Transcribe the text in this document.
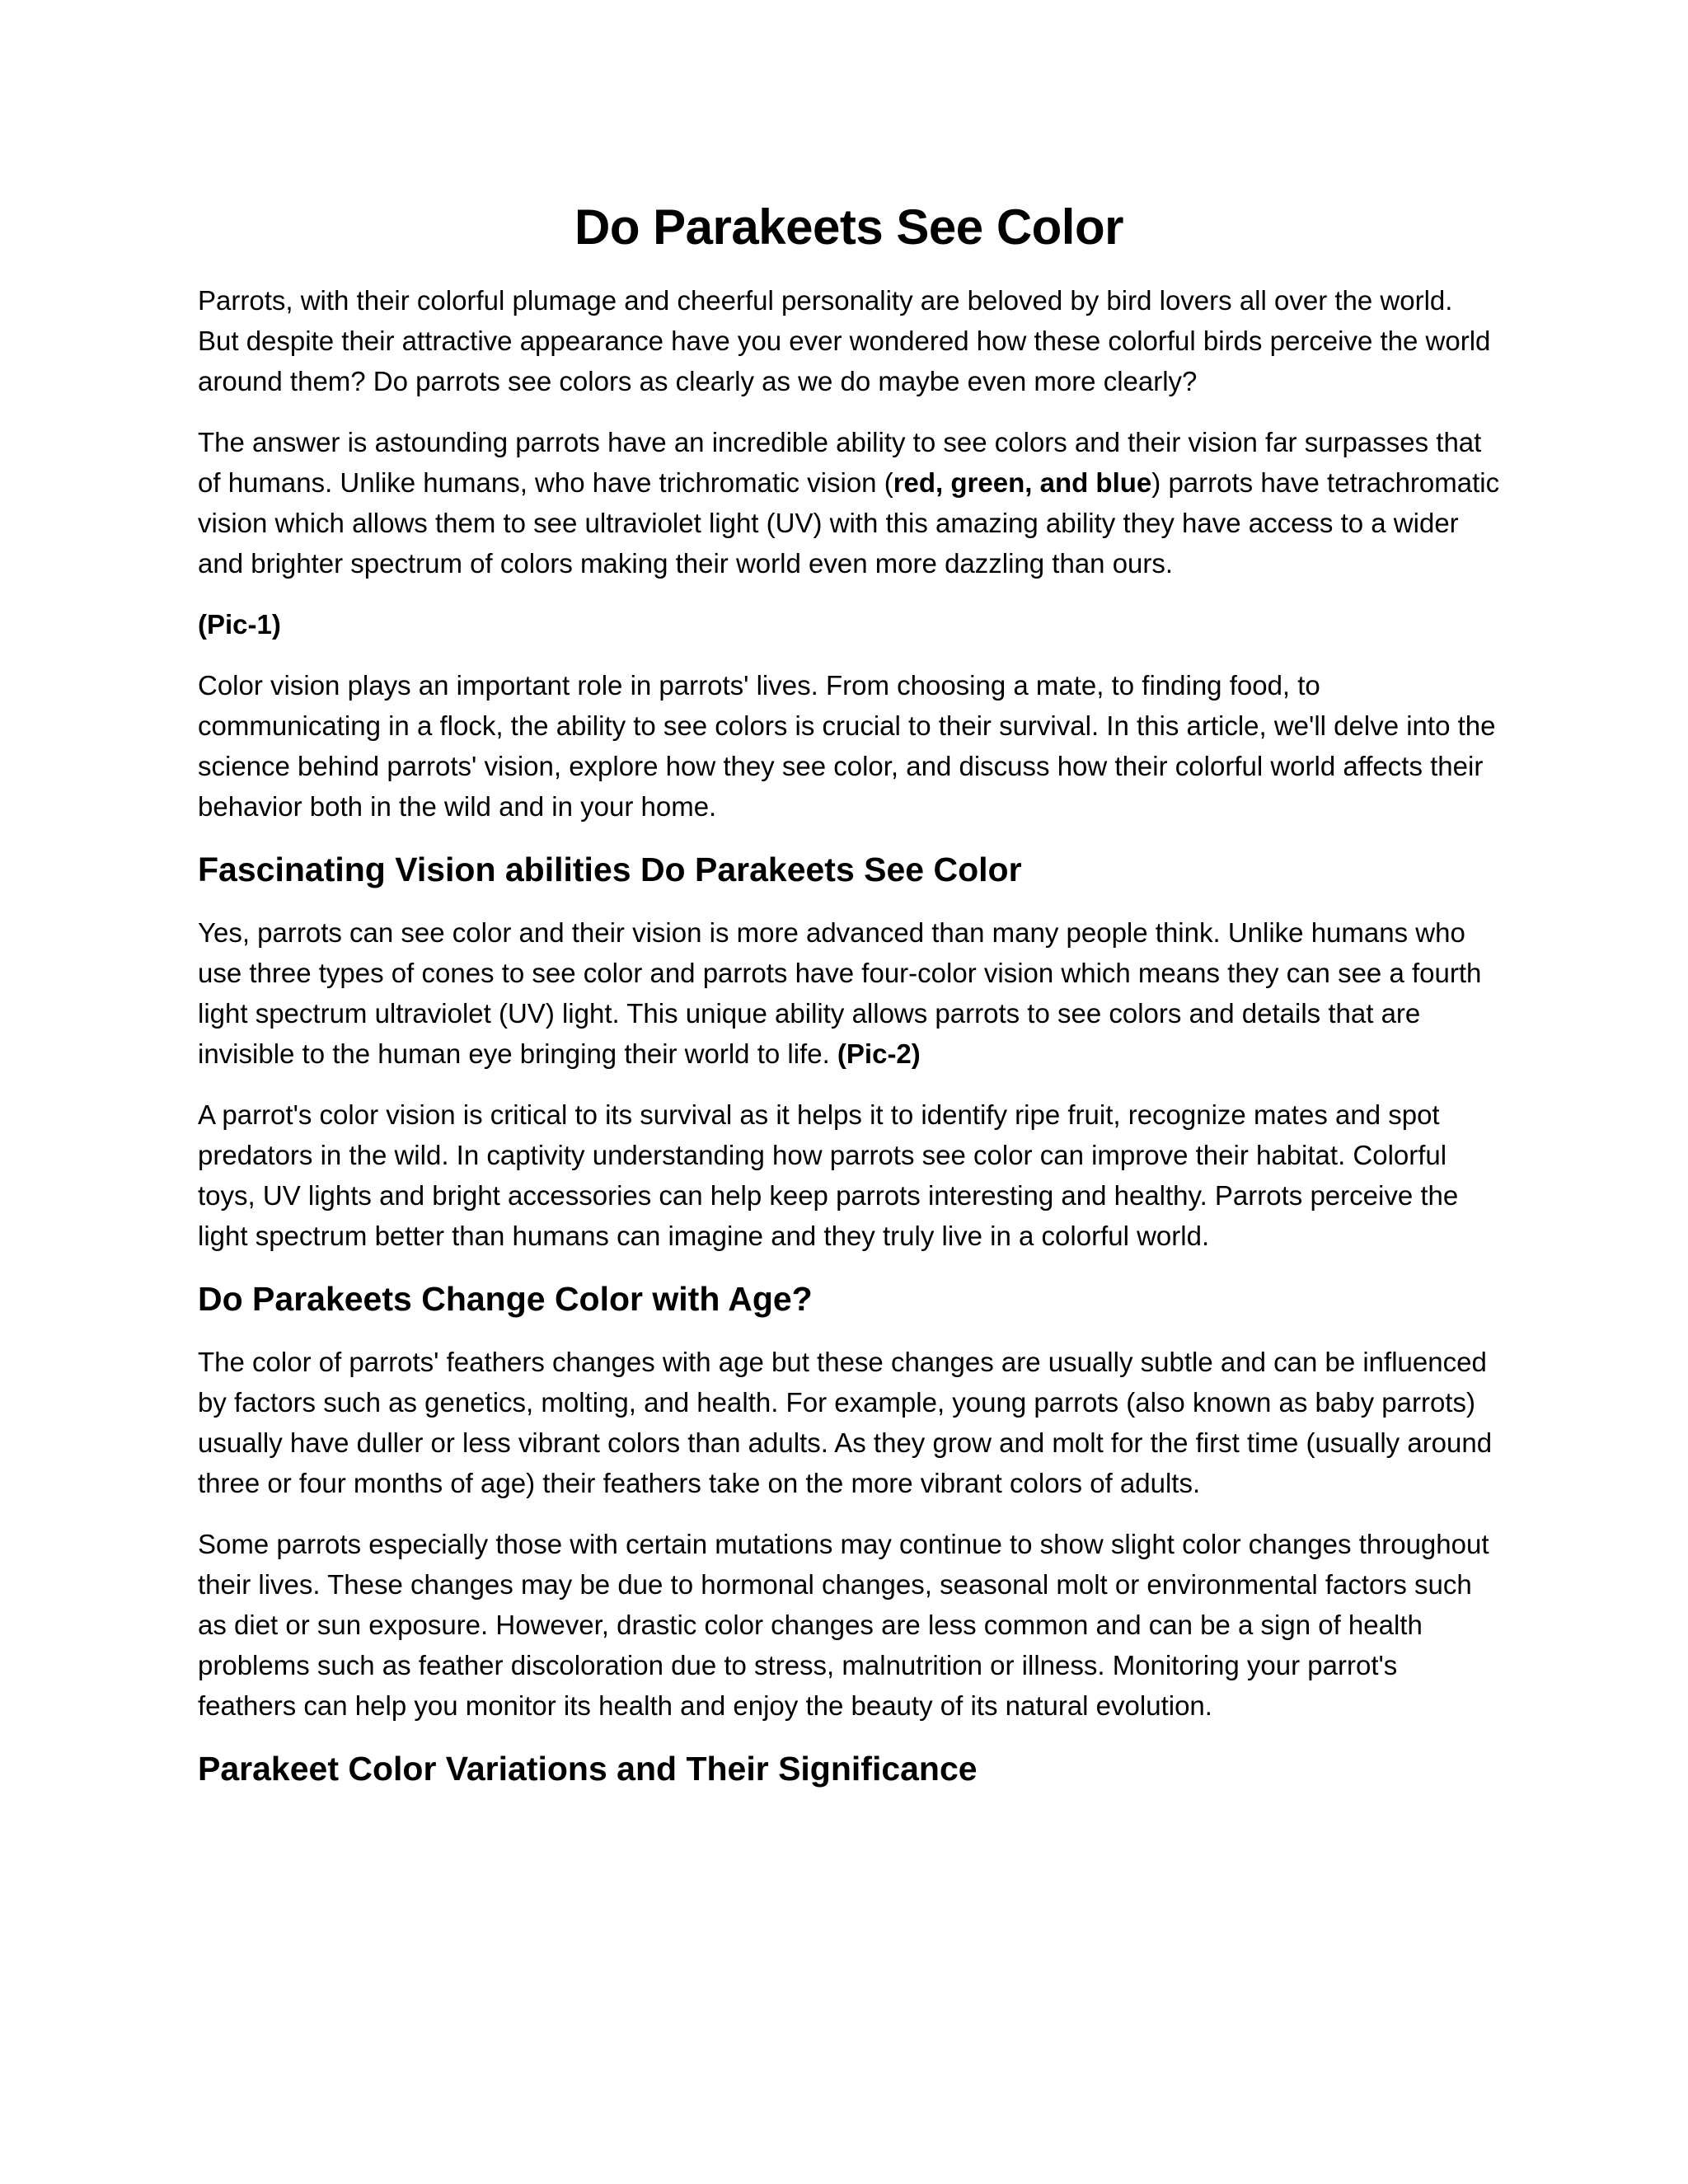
Do Parakeets See Color

Parrots, with their colorful plumage and cheerful personality are beloved by bird lovers all over the world. But despite their attractive appearance have you ever wondered how these colorful birds perceive the world around them? Do parrots see colors as clearly as we do maybe even more clearly?

The answer is astounding parrots have an incredible ability to see colors and their vision far surpasses that of humans. Unlike humans, who have trichromatic vision (red, green, and blue) parrots have tetrachromatic vision which allows them to see ultraviolet light (UV) with this amazing ability they have access to a wider and brighter spectrum of colors making their world even more dazzling than ours.

(Pic-1)

Color vision plays an important role in parrots' lives. From choosing a mate, to finding food, to communicating in a flock, the ability to see colors is crucial to their survival. In this article, we'll delve into the science behind parrots' vision, explore how they see color, and discuss how their colorful world affects their behavior both in the wild and in your home.

Fascinating Vision abilities Do Parakeets See Color

Yes, parrots can see color and their vision is more advanced than many people think. Unlike humans who use three types of cones to see color and parrots have four-color vision which means they can see a fourth light spectrum ultraviolet (UV) light. This unique ability allows parrots to see colors and details that are invisible to the human eye bringing their world to life. (Pic-2)

A parrot's color vision is critical to its survival as it helps it to identify ripe fruit, recognize mates and spot predators in the wild. In captivity understanding how parrots see color can improve their habitat. Colorful toys, UV lights and bright accessories can help keep parrots interesting and healthy. Parrots perceive the light spectrum better than humans can imagine and they truly live in a colorful world.

Do Parakeets Change Color with Age?

The color of parrots' feathers changes with age but these changes are usually subtle and can be influenced by factors such as genetics, molting, and health. For example, young parrots (also known as baby parrots) usually have duller or less vibrant colors than adults. As they grow and molt for the first time (usually around three or four months of age) their feathers take on the more vibrant colors of adults.

Some parrots especially those with certain mutations may continue to show slight color changes throughout their lives. These changes may be due to hormonal changes, seasonal molt or environmental factors such as diet or sun exposure. However, drastic color changes are less common and can be a sign of health problems such as feather discoloration due to stress, malnutrition or illness. Monitoring your parrot's feathers can help you monitor its health and enjoy the beauty of its natural evolution.

Parakeet Color Variations and Their Significance
